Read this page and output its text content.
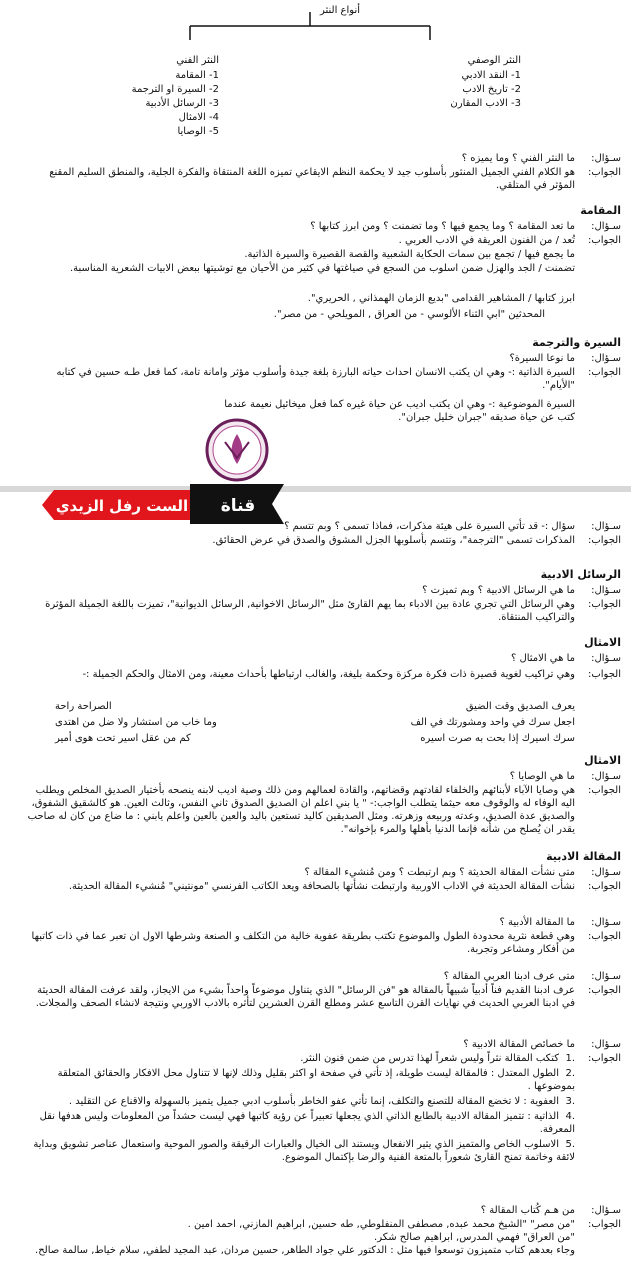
أنواع النثر
النثر الوصفي
1- النقد الادبي
2- تاريخ الادب
3- الادب المقارن
النثر الفني
1- المقامة
2- السيرة او الترجمة
3- الرسائل الأدبية
4- الامثال
5- الوصايا
سـؤال:
ما النثر الفني ؟ وما يميزه ؟
الجواب:
هو الكلام الفني الجميل المنثور بأسلوب جيد لا يحكمة النظم الايقاعي تميزه اللغة المنتقاة والفكرة الجلية، والمنطق السليم المقنع المؤثر في المتلقي.
المقامة
سـؤال:
ما تعد المقامة ؟ وما يجمع فيها ؟ وما تضمنت ؟ ومن ابرز كتابها ؟
الجواب:
تُعد / من الفنون العريقة في الادب العربي .
ما يجمع فيها / تجمع بين سمات الحكاية الشعبية والقصة القصيرة والسيرة الذاتية.
تضمنت / الجد والهزل ضمن اسلوب من السجع في صياغتها في كثير من الأحيان مع توشيتها ببعض الابيات الشعرية المناسبة.
ابرز كتابها / المشاهير القدامى "بديع الزمان الهمذاني , الحريري".
المحدثين "ابي الثناء الألوسي - من العراق , المويلحي - من مصر".
السيرة والترجمة
سـؤال:
ما نوعا السيرة؟
الجواب:
السيرة الذاتية :- وهي ان يكتب الانسان احداث حياته البارزة بلغة جيدة وأسلوب مؤثر وامانة تامة، كما فعل طـه حسين في كتابه "الأيام".
السيرة الموضوعية :- وهي ان يكتب اديب عن حياة غيره كما فعل ميخائيل نعيمة عندما كتب عن حياة صديقه "جبران خليل جبران".
سـؤال:
سؤال :- قد تأتي السيرة على هيئة مذكرات، فماذا تسمى ؟ وبم تتسم ؟
الجواب:
المذكرات تسمى "الترجمة"، وتتسم بأسلوبها الجزل المشوق والصدق في عرض الحقائق.
الرسائل الادبية
سـؤال:
ما هي الرسائل الادبية ؟ وبم تميزت ؟
الجواب:
وهي الرسائل التي تجري عادة بين الادباء بما يهم القارئ مثل "الرسائل الاخوانية, الرسائل الديوانية"، تميزت باللغة الجميلة المؤثرة والتراكيب المنتقاة.
الامثال
سـؤال:
ما هي الامثال ؟
الجواب:
وهي تراكيب لغوية قصيرة ذات فكرة مركزة وحكمة بليغة، والغالب ارتباطها بأحداث معينة، ومن الامثال والحكم الجميلة :-
يعرف الصديق وقت الضيق
الصراحة راحة
اجعل سرك في واحد ومشورتك في الف
وما خاب من استشار ولا ضل من اهتدى
سرك اسيرك إذا بحت به صرت اسيره
كم من عقل اسير تحت هوى أمير
الامثال
سـؤال:
ما هي الوصايا ؟
الجواب:
هي وصايا الآباء لأبنائهم والخلفاء لقادتهم وقضاتهم، والقادة لعمالهم ومن ذلك وصية اديب لابنه ينصحه بأختيار الصديق المخلص ويطلب اليه الوفاء له والوقوف معه حيثما يتطلب الواجب:- " يا بني اعلم ان الصديق الصدوق ثاني النفس، وثالث العين. هو كالشقيق الشفوق، والصديق عدة الصديق، وعدته وربيعه وزهرته. ومثل الصديقين كاليد تستعين باليد والعين بالعين واعلم يابني : ما ضاع من كان له صاحب يقدر ان يُصلح من شأنه فإنما الدنيا بأهلها والمرء بإخوانه".
المقالة الادبية
سـؤال:
متى نشأت المقالة الحديثة ؟ وبم ارتبطت ؟ ومن مُنشيء المقالة ؟
الجواب:
نشأت المقالة الحديثة في الاداب الاوربية وارتبطت نشأتها بالصحافة ويعد الكاتب الفرنسي "مونتيني" مُنشيء المقالة الحديثة.
سـؤال:
ما المقالة الأدبية ؟
الجواب:
وهي قطعة نثرية محدودة الطول والموضوع تكتب بطريقة عفوية خالية من التكلف و الصنعة وشرطها الاول ان تعبر عما في ذات كاتبها من أفكار ومشاعر وتجربة.
سـؤال:
متى عرف ادبنا العربي المقالة ؟
الجواب:
عرف ادبنا القديم فناً أدبياً شبيهاً بالمقالة هو "فن الرسائل" الذي يتناول موضوعاً واحداً بشيء من الايجاز، ولقد عرفت المقالة الحديثة في ادبنا العربي الحديث في نهايات القرن التاسع عشر ومطلع القرن العشرين لتأثره بالادب الاوربي ونتيجة لانشاء الصحف والمجلات.
سـؤال:
ما خصائص المقالة الادبية ؟
الجواب:
.1كتكب المقالة نثراً وليس شعراً لهذا تدرس من ضمن فنون النثر.
.2الطول المعتدل : فالمقالة ليست طويلة، إذ تأتي في صفحة او اكثر بقليل وذلك لإنها لا تتناول محل الافكار والحقائق المتعلقة بموضوعها .
.3العفوية : لا تخضع المقالة للتصنع والتكلف، إنما تأتي عفو الخاطر بأسلوب ادبي جميل يتميز بالسهولة والاقناع عن التقليد .
.4الذاتية : تتميز المقالة الادبية بالطابع الذاتي الذي يجعلها تعبيراً عن رؤية كاتبها فهي ليست حشداً من المعلومات وليس هدفها نقل المعرفة.
.5الاسلوب الخاص والمتميز الذي يثير الانفعال ويستند الى الخيال والعبارات الرقيقة والصور الموحية واستعمال عناصر تشويق وبداية لائقة وخاتمة تمنح القارئ شعوراً بالمتعة الفنية والرضا بإكتمال الموضوع.
سـؤال:
من هـم كُتاب المقالة ؟
الجواب:
"من مصر" "الشيخ محمد عبده, مصطفى المنفلوطي, طه حسين, ابراهيم المازني, احمد امين .
"من العراق" فهمي المدرس, ابراهيم صالح شكر.
وجاء بعدهم كتاب متميزون توسعوا فيها مثل : الدكتور علي جواد الطاهر, حسين مردان, عبد المجيد لطفي, سلام خياط, سالمة صالح.
قناة
الست رفل الزيدي
